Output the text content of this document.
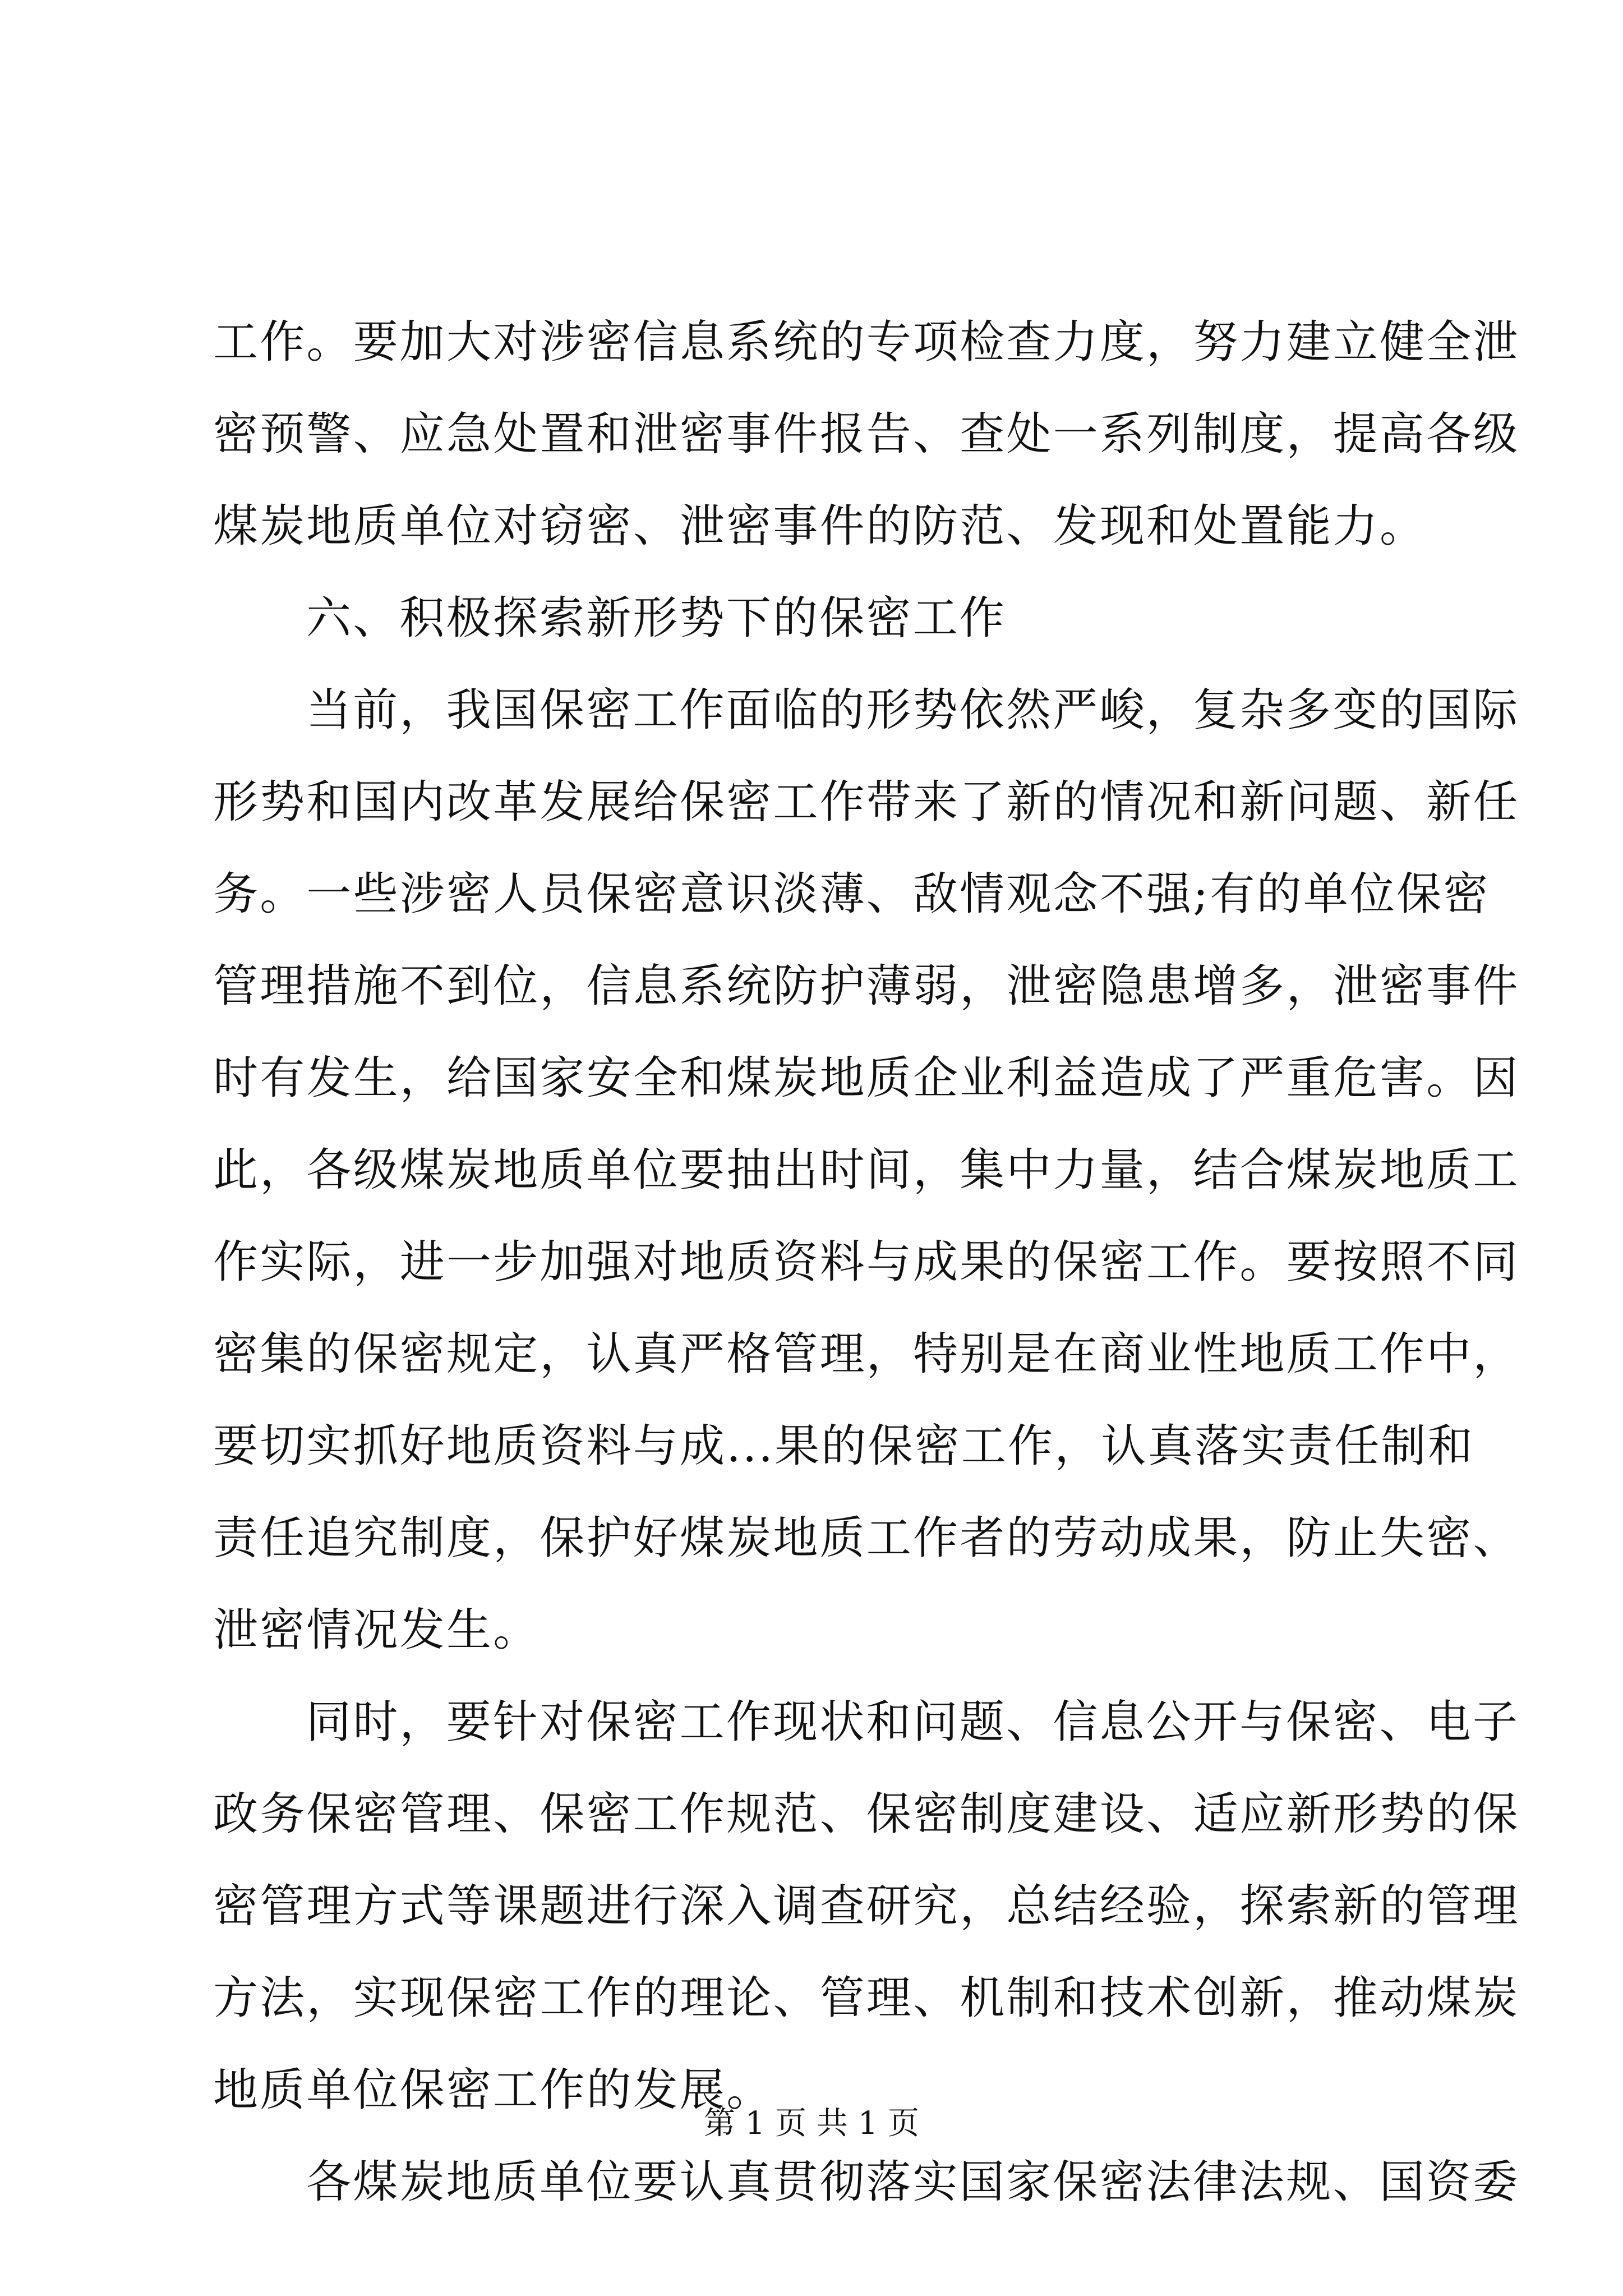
工作。要加大对涉密信息系统的专项检查力度，努力建立健全泄
密预警、应急处置和泄密事件报告、查处一系列制度，提高各级
煤炭地质单位对窃密、泄密事件的防范、发现和处置能力。
六、积极探索新形势下的保密工作
当前，我国保密工作面临的形势依然严峻，复杂多变的国际
形势和国内改革发展给保密工作带来了新的情况和新问题、新任
务。一些涉密人员保密意识淡薄、敌情观念不强;有的单位保密
管理措施不到位，信息系统防护薄弱，泄密隐患增多，泄密事件
时有发生，给国家安全和煤炭地质企业利益造成了严重危害。因
此，各级煤炭地质单位要抽出时间，集中力量，结合煤炭地质工
作实际，进一步加强对地质资料与成果的保密工作。要按照不同
密集的保密规定，认真严格管理，特别是在商业性地质工作中，
要切实抓好地质资料与成...果的保密工作，认真落实责任制和
责任追究制度，保护好煤炭地质工作者的劳动成果，防止失密、
泄密情况发生。
同时，要针对保密工作现状和问题、信息公开与保密、电子
政务保密管理、保密工作规范、保密制度建设、适应新形势的保
密管理方式等课题进行深入调查研究，总结经验，探索新的管理
方法，实现保密工作的理论、管理、机制和技术创新，推动煤炭
地质单位保密工作的发展。
各煤炭地质单位要认真贯彻落实国家保密法律法规、国资委
第 1 页 共 1 页
